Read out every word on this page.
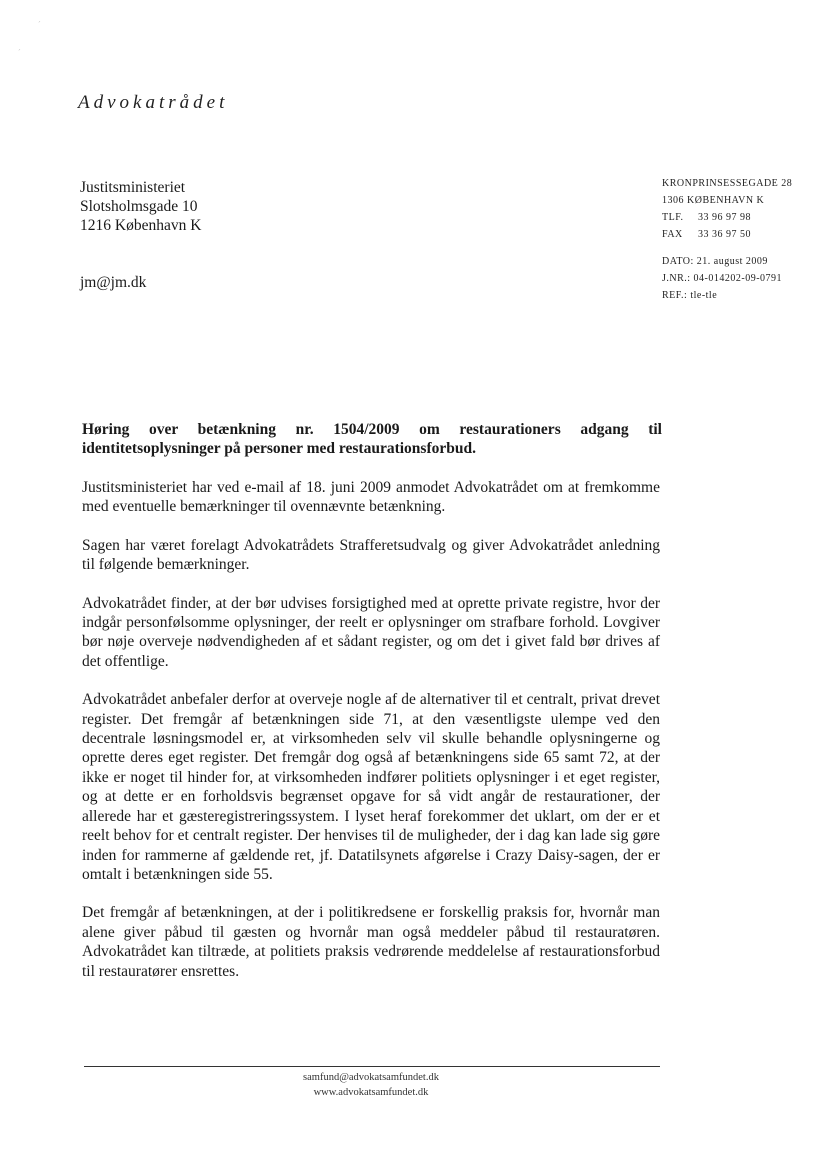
´
´
Advokatrådet
Justitsministeriet
Slotsholmsgade 10
1216 København K
jm@jm.dk
KRONPRINSESSEGADE 28
1306 KØBENHAVN K
TLF.	33 96 97 98
FAX	33 36 97 50
DATO: 21. august 2009
J.NR.: 04-014202-09-0791
REF.: tle-tle
Høring over betænkning nr. 1504/2009 om restaurationers adgang til identitetsoplysninger på personer med restaurationsforbud.

Justitsministeriet har ved e-mail af 18. juni 2009 anmodet Advokatrådet om at fremkomme med eventuelle bemærkninger til ovennævnte betænkning.

Sagen har været forelagt Advokatrådets Strafferetsudvalg og giver Advokatrådet anledning til følgende bemærkninger.

Advokatrådet finder, at der bør udvises forsigtighed med at oprette private registre, hvor der indgår personfølsomme oplysninger, der reelt er oplysninger om strafbare forhold. Lovgiver bør nøje overveje nødvendigheden af et sådant register, og om det i givet fald bør drives af det offentlige.

Advokatrådet anbefaler derfor at overveje nogle af de alternativer til et centralt, privat drevet register. Det fremgår af betænkningen side 71, at den væsentligste ulempe ved den decentrale løsningsmodel er, at virksomheden selv vil skulle behandle oplysningerne og oprette deres eget register. Det fremgår dog også af betænkningens side 65 samt 72, at der ikke er noget til hinder for, at virksomheden indfører politiets oplysninger i et eget register, og at dette er en forholdsvis begrænset opgave for så vidt angår de restaurationer, der allerede har et gæsteregistreringssystem. I lyset heraf forekommer det uklart, om der er et reelt behov for et centralt register. Der henvises til de muligheder, der i dag kan lade sig gøre inden for rammerne af gældende ret, jf. Datatilsynets afgørelse i Crazy Daisy-sagen, der er omtalt i betænkningen side 55.

Det fremgår af betænkningen, at der i politikredsene er forskellig praksis for, hvornår man alene giver påbud til gæsten og hvornår man også meddeler påbud til restauratøren. Advokatrådet kan tiltræde, at politiets praksis vedrørende meddelelse af restaurationsforbud til restauratører ensrettes.

samfund@advokatsamfundet.dk
www.advokatsamfundet.dk
